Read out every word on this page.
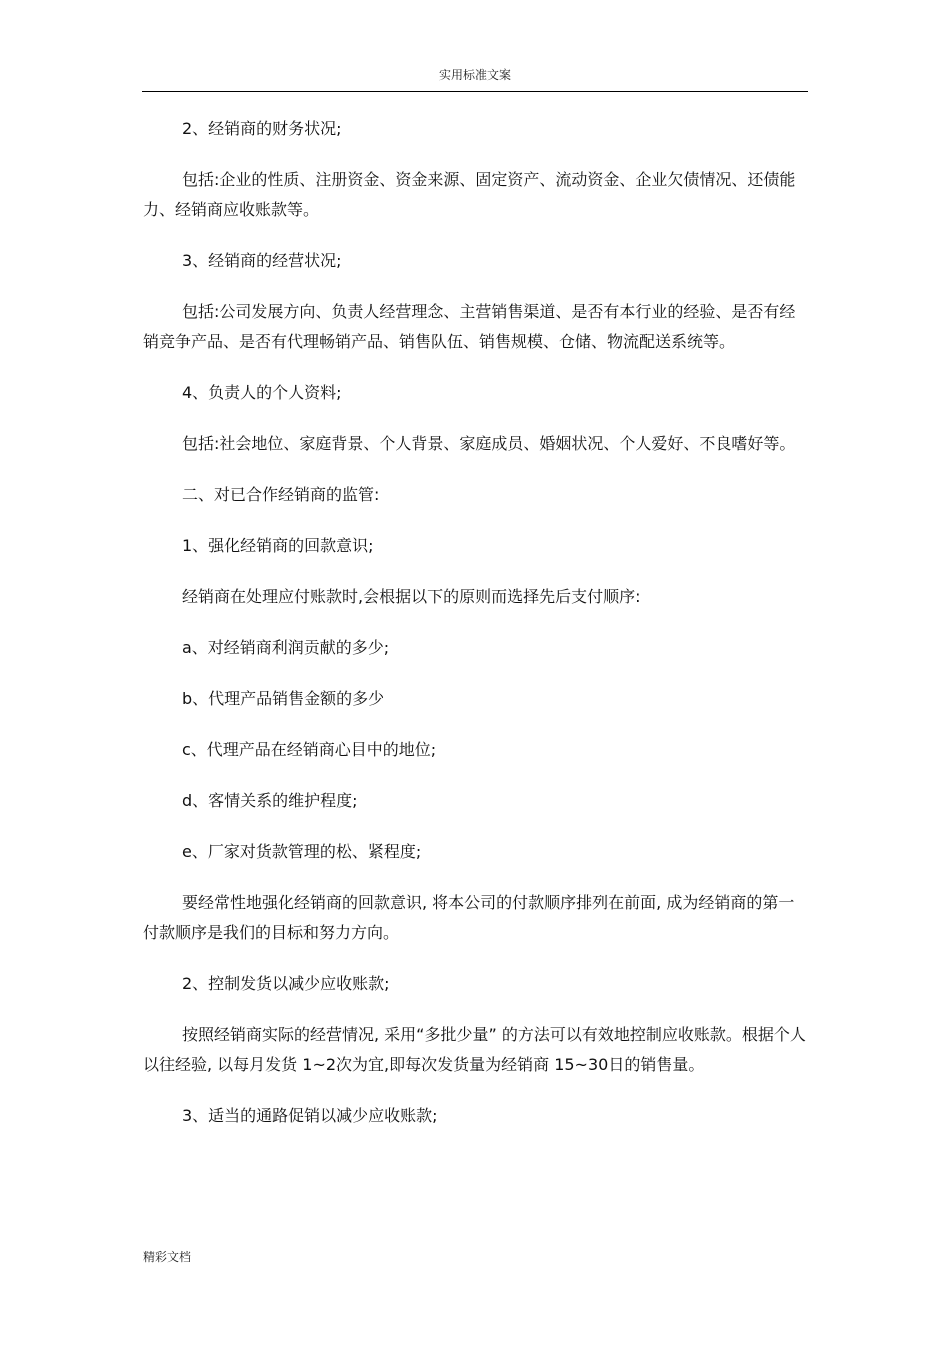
实用标准文案

2、经销商的财务状况;

包括:企业的性质、注册资金、资金来源、固定资产、流动资金、企业欠债情况、还债能力、经销商应收账款等。

3、经销商的经营状况;

包括:公司发展方向、负责人经营理念、主营销售渠道、是否有本行业的经验、是否有经销竞争产品、是否有代理畅销产品、销售队伍、销售规模、仓储、物流配送系统等。

4、负责人的个人资料;

包括:社会地位、家庭背景、个人背景、家庭成员、婚姻状况、个人爱好、不良嗜好等。

二、对已合作经销商的监管:

1、强化经销商的回款意识;

经销商在处理应付账款时,会根据以下的原则而选择先后支付顺序:

a、对经销商利润贡献的多少;

b、代理产品销售金额的多少

c、代理产品在经销商心目中的地位;

d、客情关系的维护程度;

e、厂家对货款管理的松、紧程度;

要经常性地强化经销商的回款意识, 将本公司的付款顺序排列在前面, 成为经销商的第一付款顺序是我们的目标和努力方向。

2、控制发货以减少应收账款;

按照经销商实际的经营情况, 采用“多批少量” 的方法可以有效地控制应收账款。根据个人以往经验, 以每月发货 1~2次为宜,即每次发货量为经销商 15~30日的销售量。

3、适当的通路促销以减少应收账款;

精彩文档
